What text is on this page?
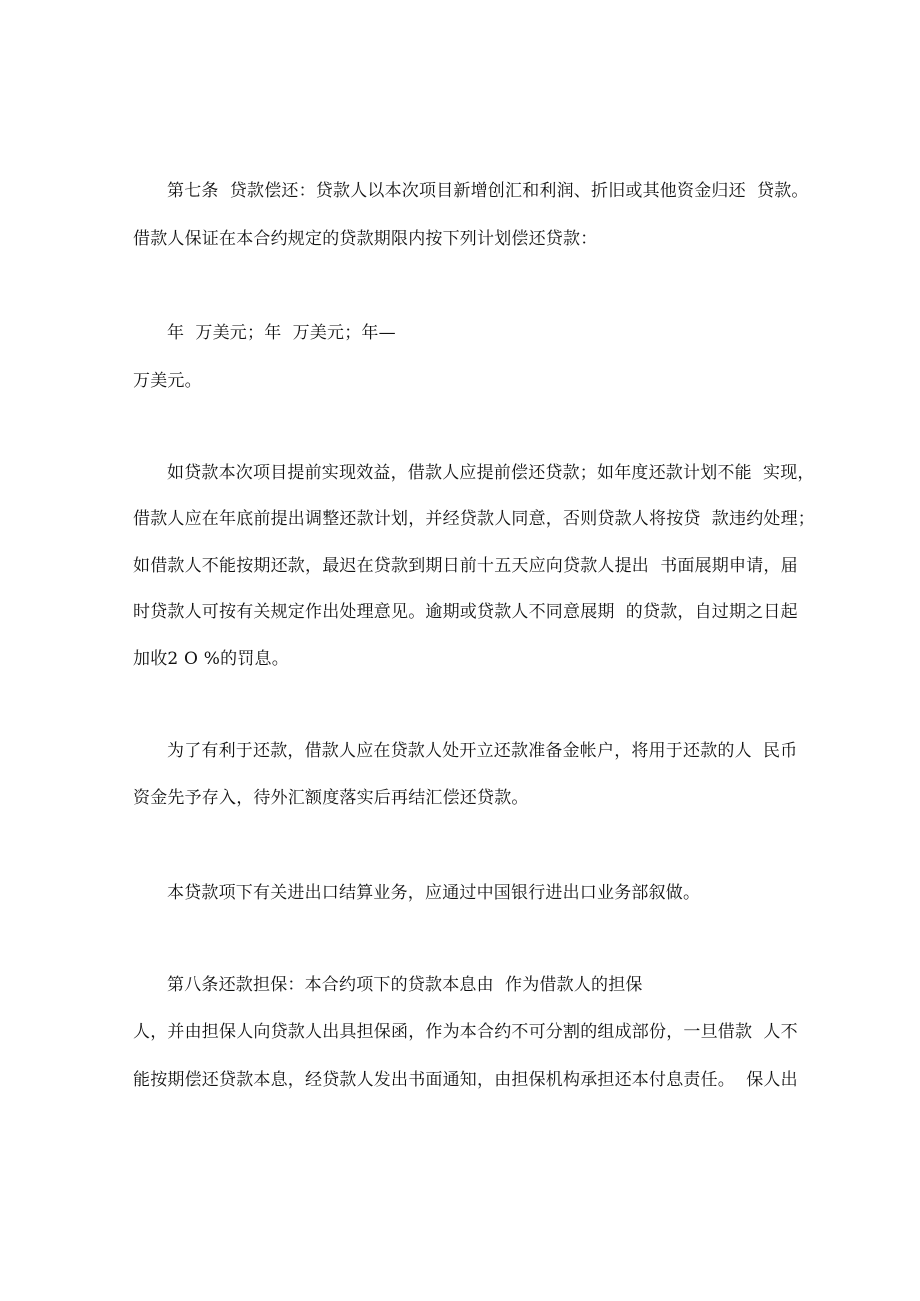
第七条  贷款偿还：贷款人以本次项目新增创汇和利润、折旧或其他资金归还  贷款。
借款人保证在本合约规定的贷款期限内按下列计划偿还贷款：
年  万美元；年  万美元；年—
万美元。
如贷款本次项目提前实现效益，借款人应提前偿还贷款；如年度还款计划不能  实现，
借款人应在年底前提出调整还款计划，并经贷款人同意，否则贷款人将按贷  款违约处理；
如借款人不能按期还款，最迟在贷款到期日前十五天应向贷款人提出  书面展期申请，届
时贷款人可按有关规定作出处理意见。逾期或贷款人不同意展期  的贷款，自过期之日起
加收2 O %的罚息。
为了有利于还款，借款人应在贷款人处开立还款准备金帐户，将用于还款的人  民币
资金先予存入，待外汇额度落实后再结汇偿还贷款。
本贷款项下有关进出口结算业务，应通过中国银行进出口业务部叙做。
第八条还款担保：本合约项下的贷款本息由  作为借款人的担保
人，并由担保人向贷款人出具担保函，作为本合约不可分割的组成部份，一旦借款  人不
能按期偿还贷款本息，经贷款人发出书面通知，由担保机构承担还本付息责任。  保人出
